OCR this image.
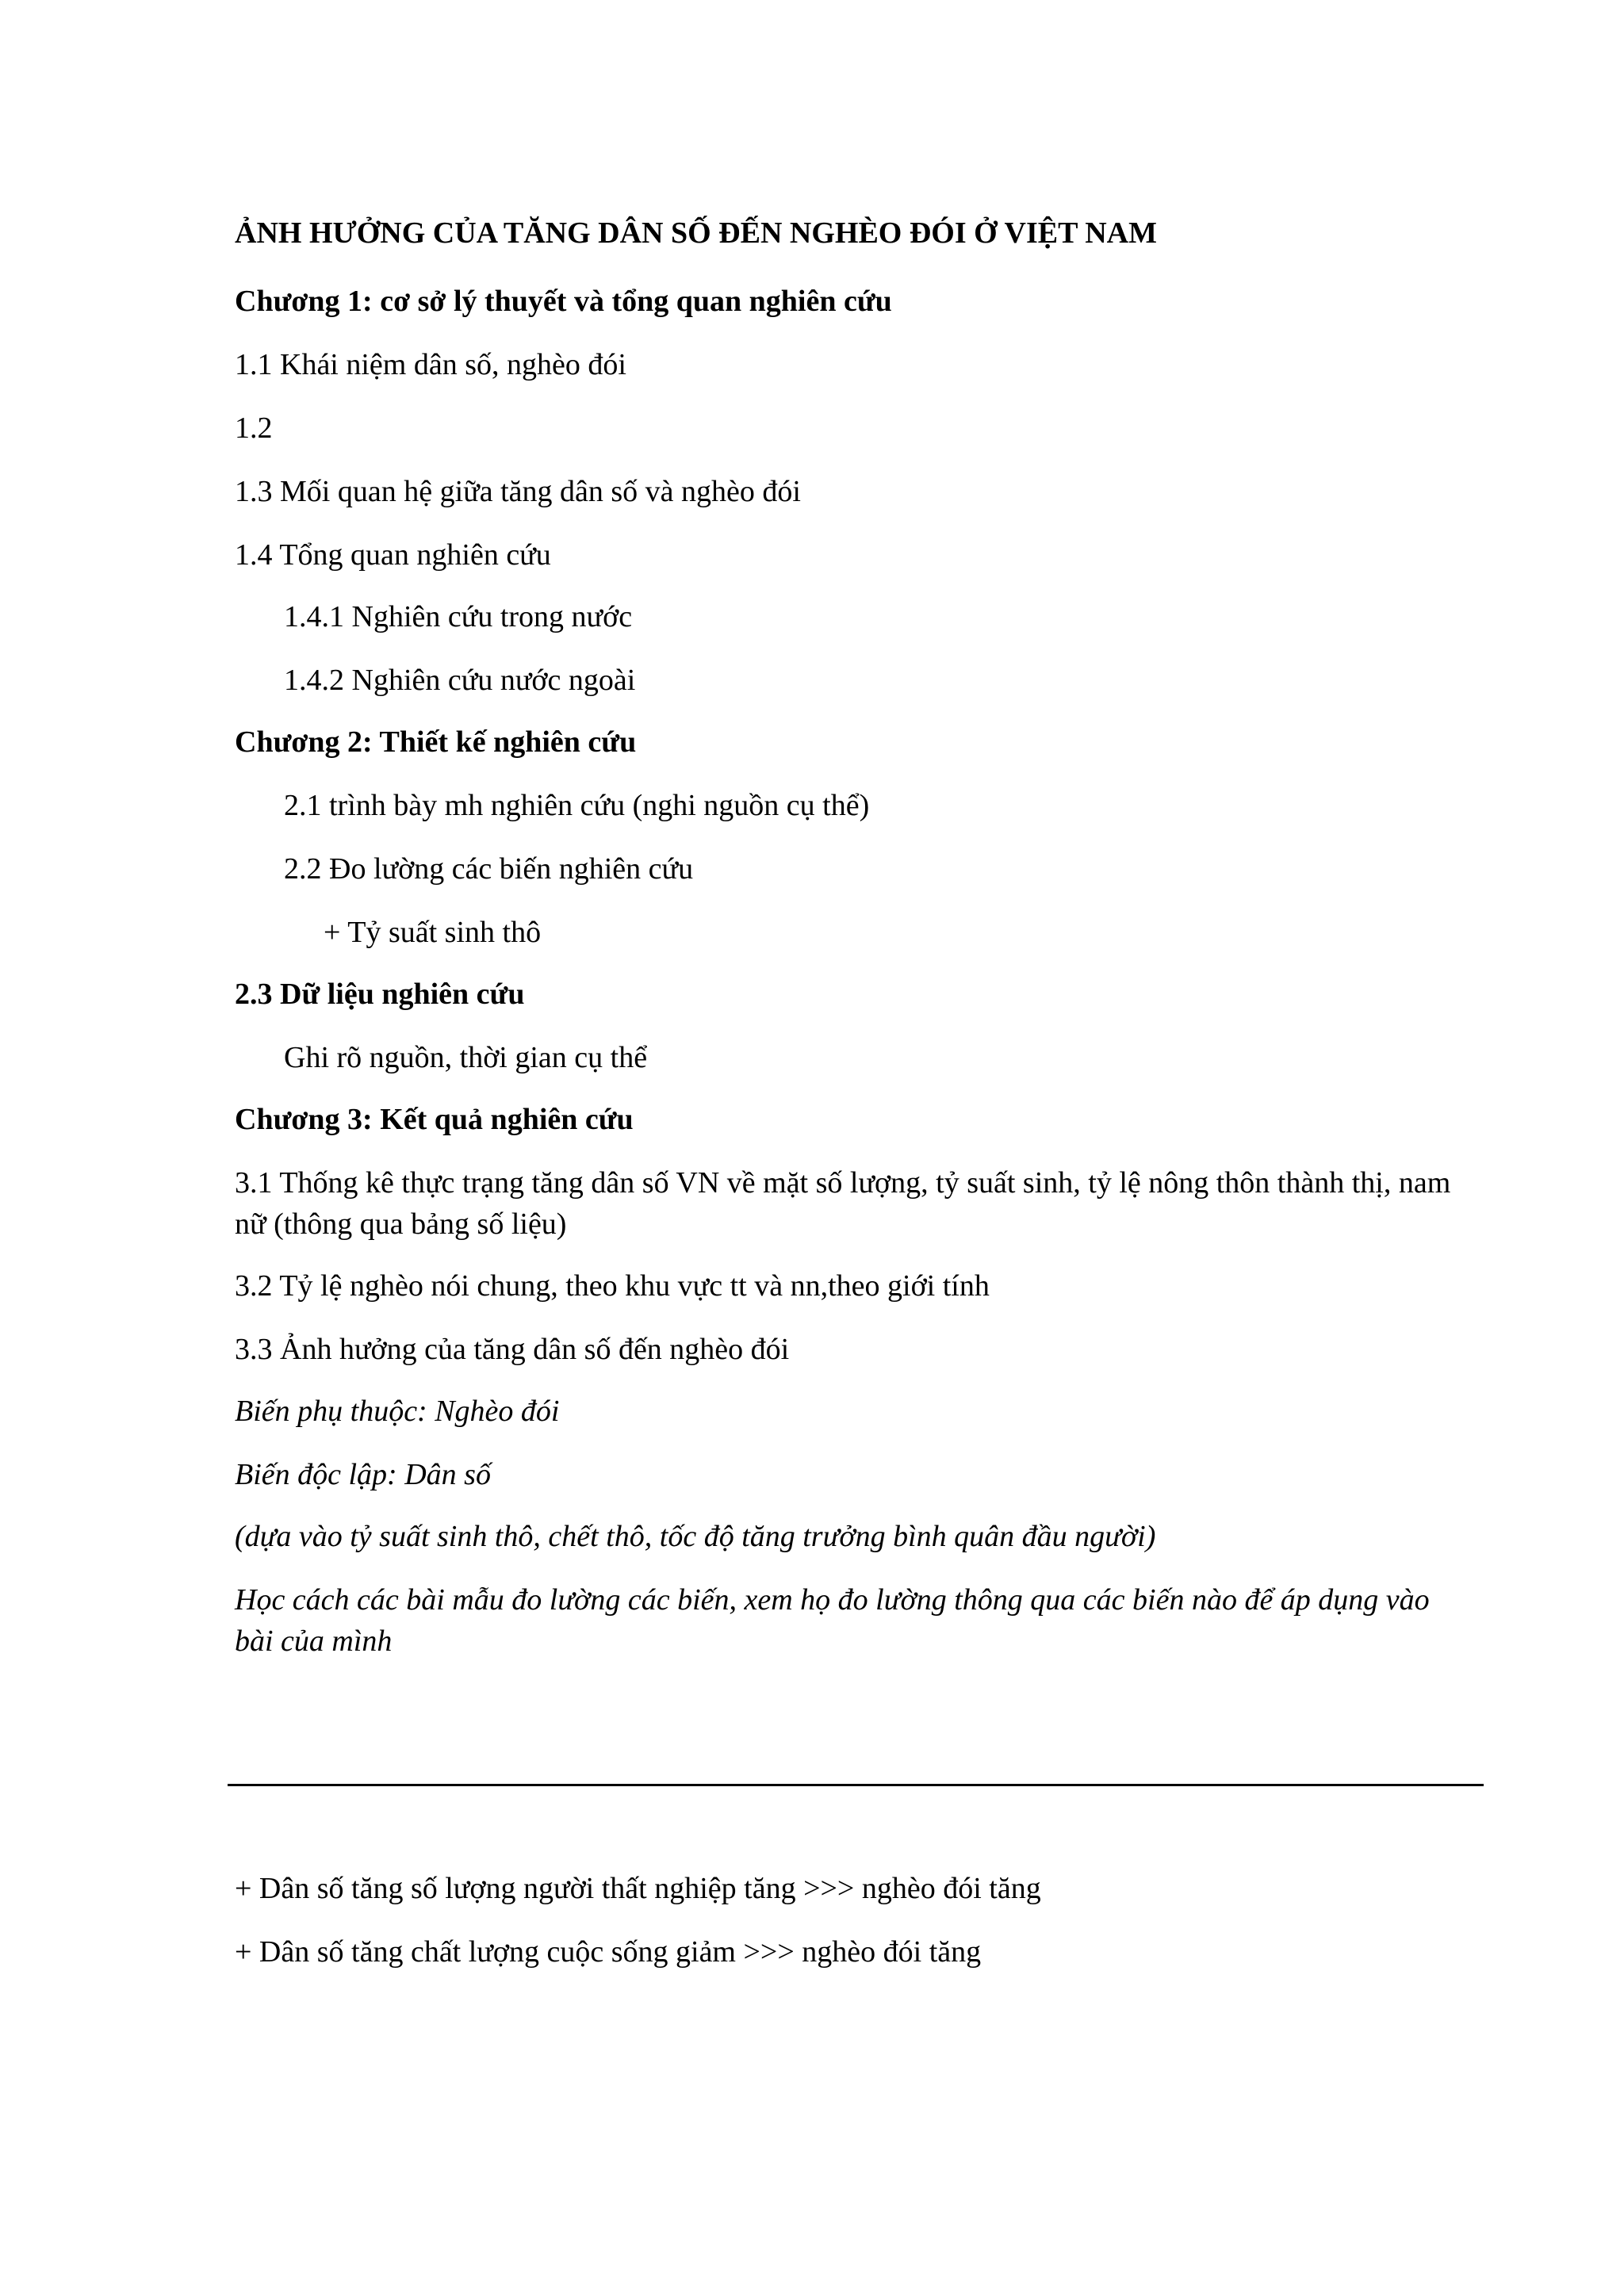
ẢNH HƯỞNG CỦA TĂNG DÂN SỐ ĐẾN NGHÈO ĐÓI Ở VIỆT NAM
Chương 1: cơ sở lý thuyết và tổng quan nghiên cứu
1.1 Khái niệm dân số, nghèo đói
1.2
1.3 Mối quan hệ giữa tăng dân số và nghèo đói
1.4 Tổng quan nghiên cứu
1.4.1 Nghiên cứu trong nước
1.4.2 Nghiên cứu nước ngoài
Chương 2: Thiết kế nghiên cứu
2.1 trình bày mh nghiên cứu (nghi nguồn cụ thể)
2.2 Đo lường các biến nghiên cứu
+ Tỷ suất sinh thô
2.3 Dữ liệu nghiên cứu
Ghi rõ nguồn, thời gian cụ thể
Chương 3: Kết quả nghiên cứu
3.1 Thống kê thực trạng tăng dân số VN về mặt số lượng, tỷ suất sinh, tỷ lệ nông thôn thành thị, nam nữ (thông qua bảng số liệu)
3.2 Tỷ lệ nghèo nói chung, theo khu vực tt và nn,theo giới tính
3.3 Ảnh hưởng của tăng dân số đến nghèo đói
Biến phụ thuộc: Nghèo đói
Biến độc lập: Dân số
(dựa vào tỷ suất sinh thô, chết thô, tốc độ tăng trưởng bình quân đầu người)
Học cách các bài mẫu đo lường các biến, xem họ đo lường thông qua các biến nào để áp dụng vào bài của mình
+ Dân số tăng số lượng người thất nghiệp tăng >>> nghèo đói tăng
+ Dân số tăng chất lượng cuộc sống giảm >>> nghèo đói tăng
